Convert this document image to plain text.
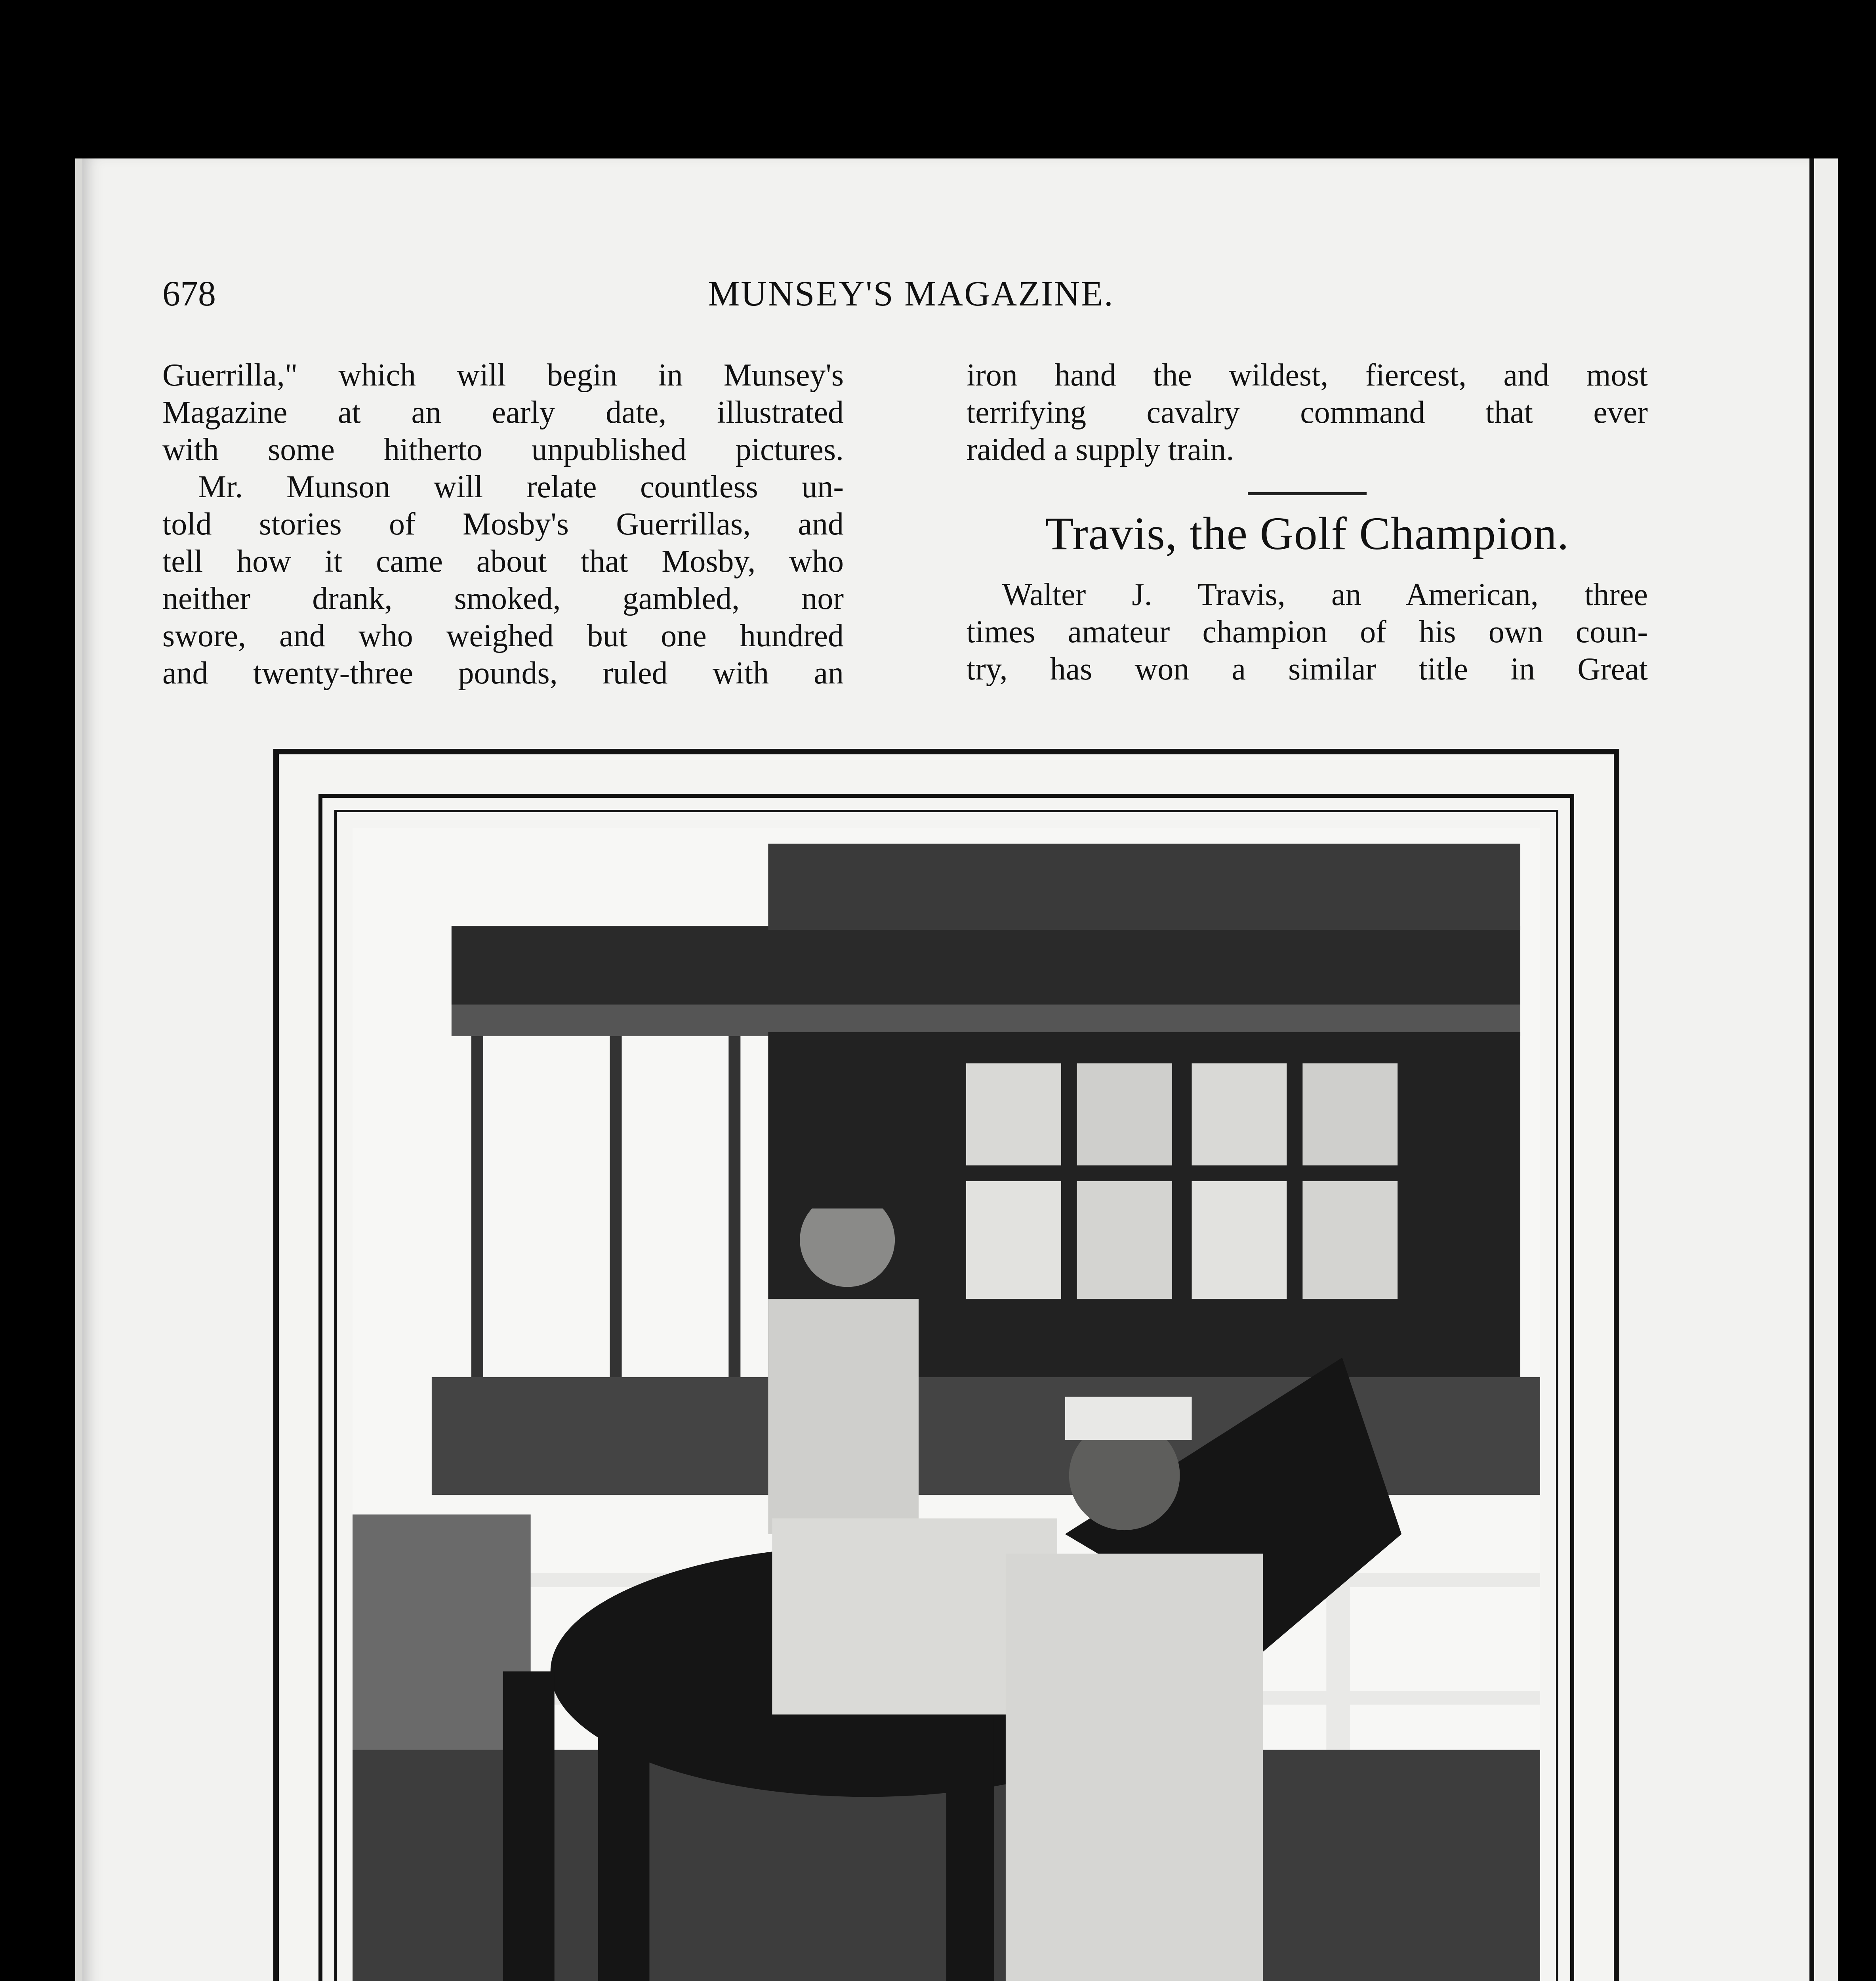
678	MUNSEY'S MAGAZINE.
Guerrilla," which will begin in Munsey's
Magazine at an early date, illustrated
with some hitherto unpublished pictures.
Mr. Munson will relate countless un-
told stories of Mosby's Guerrillas, and
tell how it came about that Mosby, who
neither drank, smoked, gambled, nor
swore, and who weighed but one hundred
and twenty-three pounds, ruled with an
iron hand the wildest, fiercest, and most
terrifying cavalry command that ever
raided a supply train.
Travis, the Golf Champion.
Walter J. Travis, an American, three
times amateur champion of his own coun-
try, has won a similar title in Great
